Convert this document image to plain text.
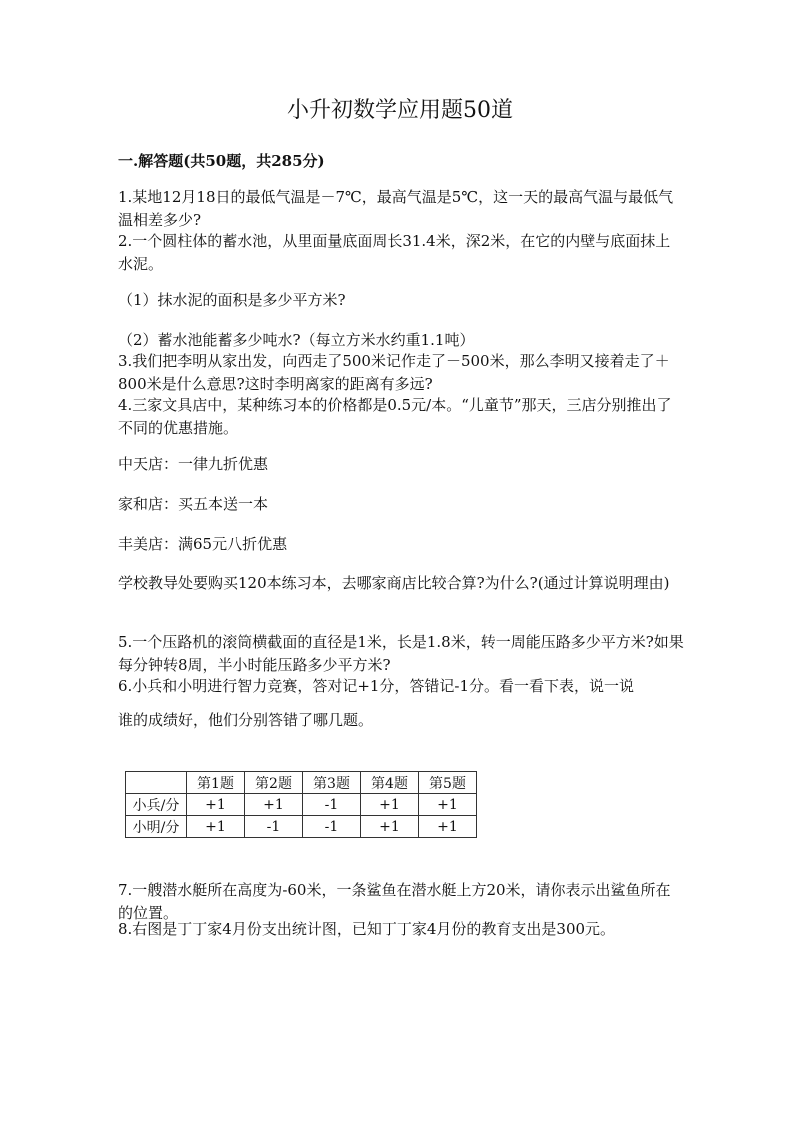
小升初数学应用题50道
一.解答题(共50题，共285分)
1.某地12月18日的最低气温是－7℃，最高气温是5℃，这一天的最高气温与最低气温相差多少?
2.一个圆柱体的蓄水池，从里面量底面周长31.4米，深2米，在它的内壁与底面抹上水泥。
（1）抹水泥的面积是多少平方米?
（2）蓄水池能蓄多少吨水?（每立方米水约重1.1吨）
3.我们把李明从家出发，向西走了500米记作走了－500米，那么李明又接着走了＋800米是什么意思?这时李明离家的距离有多远?
4.三家文具店中，某种练习本的价格都是0.5元/本。“儿童节”那天，三店分别推出了不同的优惠措施。
中天店：一律九折优惠
家和店：买五本送一本
丰美店：满65元八折优惠
学校教导处要购买120本练习本，去哪家商店比较合算?为什么?(通过计算说明理由)
5.一个压路机的滚筒横截面的直径是1米，长是1.8米，转一周能压路多少平方米?如果每分钟转8周，半小时能压路多少平方米?
6.小兵和小明进行智力竞赛，答对记+1分，答错记-1分。看一看下表，说一说
谁的成绩好，他们分别答错了哪几题。
	第1题	第2题	第3题	第4题	第5题
小兵/分	+1	+1	-1	+1	+1
小明/分	+1	-1	-1	+1	+1
7.一艘潜水艇所在高度为-60米，一条鲨鱼在潜水艇上方20米，请你表示出鲨鱼所在的位置。
8.右图是丁丁家4月份支出统计图，已知丁丁家4月份的教育支出是300元。
